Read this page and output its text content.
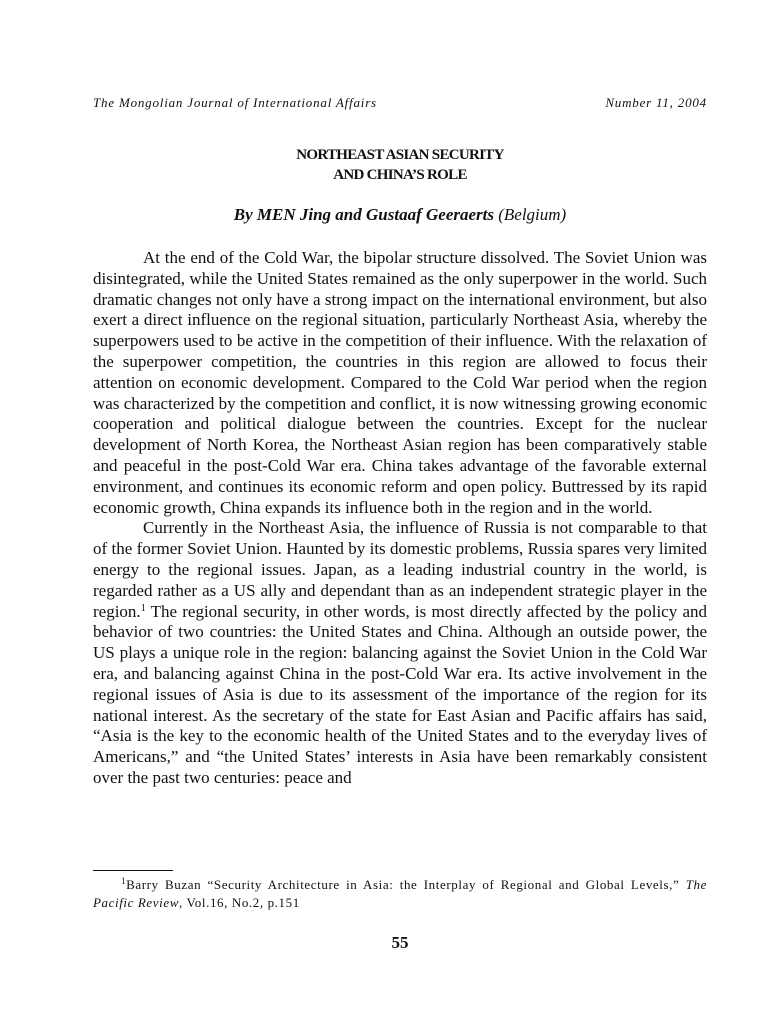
The Mongolian Journal of International Affairs	Number 11, 2004
NORTHEAST ASIAN SECURITY
AND CHINA’S ROLE
By MEN Jing and Gustaaf Geeraerts (Belgium)

At the end of the Cold War, the bipolar structure dissolved. The Soviet Union was disintegrated, while the United States remained as the only superpower in the world. Such dramatic changes not only have a strong impact on the international environment, but also exert a direct influence on the regional situation, particularly Northeast Asia, whereby the superpowers used to be active in the competition of their influence. With the relaxation of the superpower competition, the countries in this region are allowed to focus their attention on economic development. Compared to the Cold War period when the region was characterized by the competition and conflict, it is now witnessing growing economic cooperation and political dialogue between the countries. Except for the nuclear development of North Korea, the Northeast Asian region has been comparatively stable and peaceful in the post-Cold War era. China takes advantage of the favorable external environment, and continues its economic reform and open policy. Buttressed by its rapid economic growth, China expands its influence both in the region and in the world.

Currently in the Northeast Asia, the influence of Russia is not comparable to that of the former Soviet Union. Haunted by its domestic problems, Russia spares very limited energy to the regional issues. Japan, as a leading industrial country in the world, is regarded rather as a US ally and dependant than as an independent strategic player in the region.$^1$ The regional security, in other words, is most directly affected by the policy and behavior of two countries: the United States and China. Although an outside power, the US plays a unique role in the region: balancing against the Soviet Union in the Cold War era, and balancing against China in the post-Cold War era. Its active involvement in the regional issues of Asia is due to its assessment of the importance of the region for its national interest. As the secretary of the state for East Asian and Pacific affairs has said, “Asia is the key to the economic health of the United States and to the everyday lives of Americans,” and “the United States’ interests in Asia have been remarkably consistent over the past two centuries: peace and

$^1$Barry Buzan “Security Architecture in Asia: the Interplay of Regional and Global Levels,” The Pacific Review, Vol.16, No.2, p.151
55
